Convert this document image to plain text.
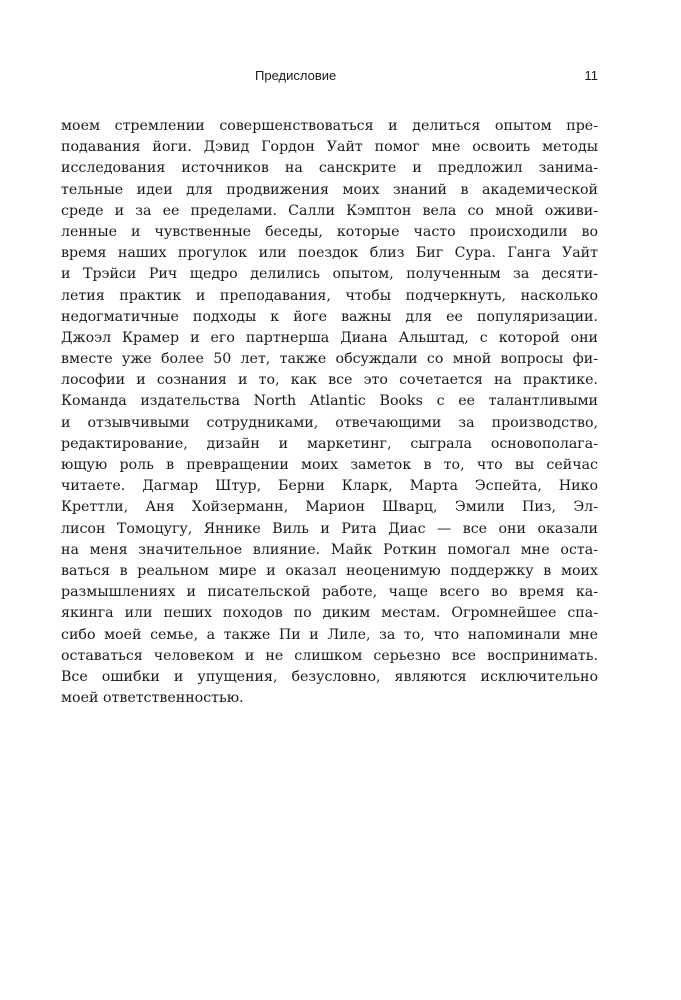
Предисловие	11
моем стремлении совершенствоваться и делиться опытом пре-
подавания йоги. Дэвид Гордон Уайт помог мне освоить методы
исследования источников на санскрите и предложил занима-
тельные идеи для продвижения моих знаний в академической
среде и за ее пределами. Салли Кэмптон вела со мной оживи-
ленные и чувственные беседы, которые часто происходили во
время наших прогулок или поездок близ Биг Сура. Ганга Уайт
и Трэйси Рич щедро делились опытом, полученным за десяти-
летия практик и преподавания, чтобы подчеркнуть, насколько
недогматичные подходы к йоге важны для ее популяризации.
Джоэл Крамер и его партнерша Диана Альштад, с которой они
вместе уже более 50 лет, также обсуждали со мной вопросы фи-
лософии и сознания и то, как все это сочетается на практике.
Команда издательства North Atlantic Books с ее талантливыми
и отзывчивыми сотрудниками, отвечающими за производство,
редактирование, дизайн и маркетинг, сыграла основополага-
ющую роль в превращении моих заметок в то, что вы сейчас
читаете. Дагмар Штур, Берни Кларк, Марта Эспейта, Нико
Креттли, Аня Хойзерманн, Марион Шварц, Эмили Пиз, Эл-
лисон Томоцугу, Яннике Виль и Рита Диас — все они оказали
на меня значительное влияние. Майк Роткин помогал мне оста-
ваться в реальном мире и оказал неоценимую поддержку в моих
размышлениях и писательской работе, чаще всего во время ка-
якинга или пеших походов по диким местам. Огромнейшее спа-
сибо моей семье, а также Пи и Лиле, за то, что напоминали мне
оставаться человеком и не слишком серьезно все воспринимать.
Все ошибки и упущения, безусловно, являются исключительно
моей ответственностью.
